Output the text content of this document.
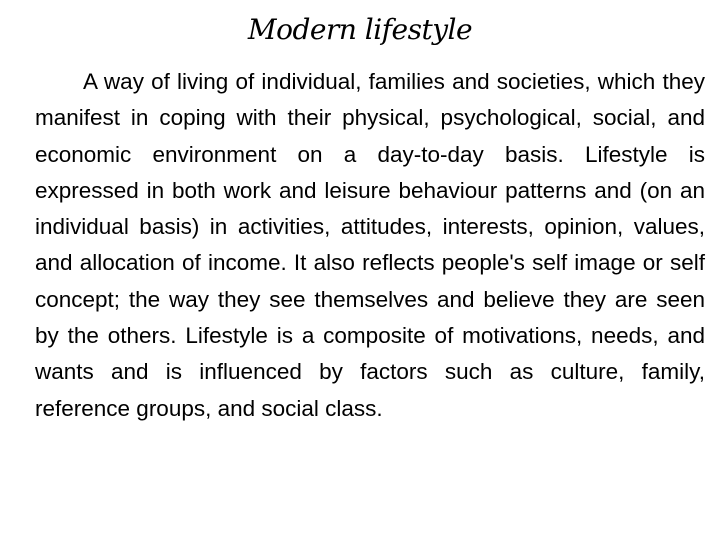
Modern lifestyle

A way of living of individual, families and societies, which they manifest in coping with their physical, psychological, social, and economic environment on a day-to-day basis. Lifestyle is expressed in both work and leisure behaviour patterns and (on an individual basis) in activities, attitudes, interests, opinion, values, and allocation of income. It also reflects people's self image or self concept; the way they see themselves and believe they are seen by the others. Lifestyle is a composite of motivations, needs, and wants and is influenced by factors such as culture, family, reference groups, and social class.
